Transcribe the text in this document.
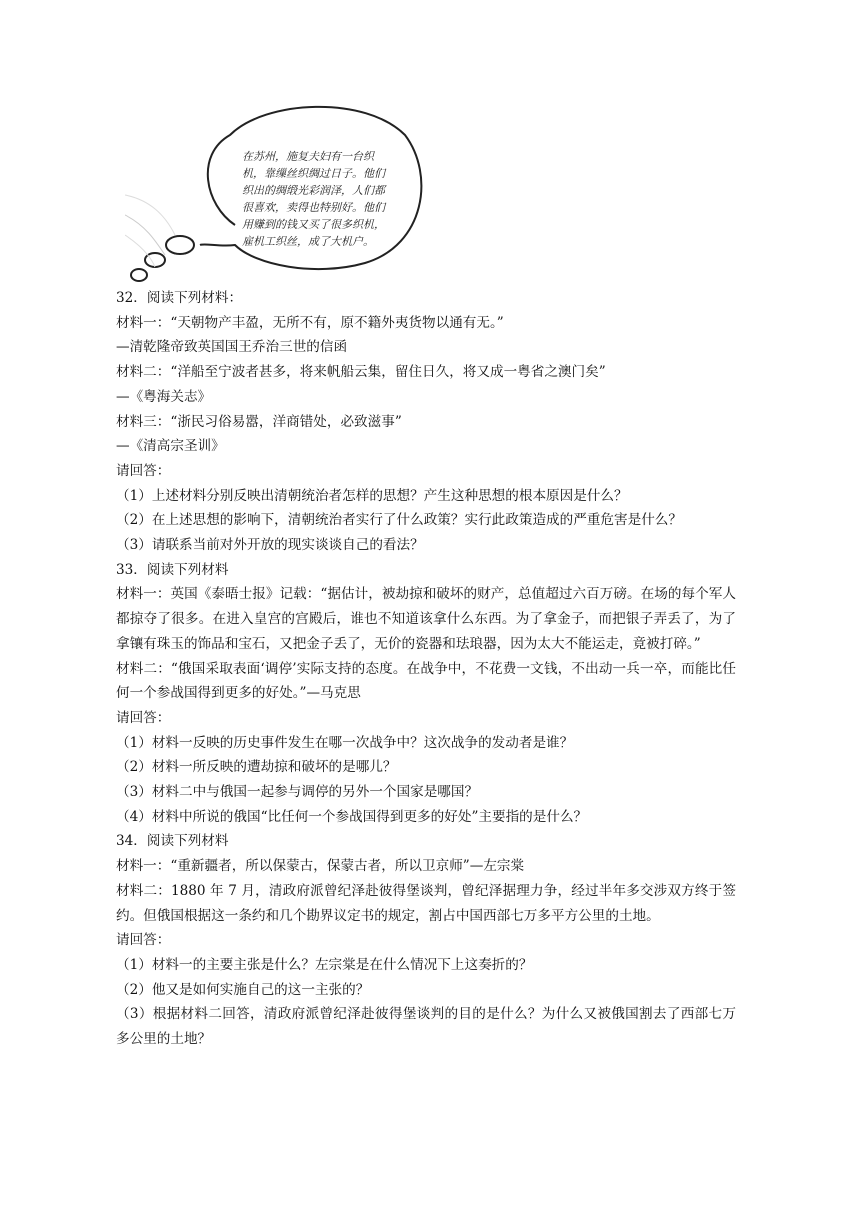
在苏州，施复夫妇有一台织
机，靠缫丝织绸过日子。他们
织出的绸缎光彩润泽，人们都
很喜欢，卖得也特别好。他们
用赚到的钱又买了很多织机，
雇机工织丝，成了大机户。
32．阅读下列材料：
材料一：“天朝物产丰盈，无所不有，原不籍外夷货物以通有无。”
—清乾隆帝致英国国王乔治三世的信函
材料二：“洋船至宁波者甚多，将来帆船云集，留住日久，将又成一粤省之澳门矣”
—《粤海关志》
材料三：“浙民习俗易嚣，洋商错处，必致滋事”
—《清高宗圣训》
请回答：
（1）上述材料分别反映出清朝统治者怎样的思想？产生这种思想的根本原因是什么？
（2）在上述思想的影响下，清朝统治者实行了什么政策？实行此政策造成的严重危害是什么？
（3）请联系当前对外开放的现实谈谈自己的看法？
33．阅读下列材料
材料一：英国《泰晤士报》记载：“据估计，被劫掠和破坏的财产，总值超过六百万磅。在场的每个军人都掠夺了很多。在进入皇宫的宫殿后，谁也不知道该拿什么东西。为了拿金子，而把银子弄丢了，为了拿镶有珠玉的饰品和宝石，又把金子丢了，无价的瓷器和珐琅器，因为太大不能运走，竟被打碎。”
材料二：“俄国采取表面‘调停’实际支持的态度。在战争中，不花费一文钱，不出动一兵一卒，而能比任何一个参战国得到更多的好处。”—马克思
请回答：
（1）材料一反映的历史事件发生在哪一次战争中？这次战争的发动者是谁？
（2）材料一所反映的遭劫掠和破坏的是哪儿？
（3）材料二中与俄国一起参与调停的另外一个国家是哪国？
（4）材料中所说的俄国“比任何一个参战国得到更多的好处”主要指的是什么？
34．阅读下列材料
材料一：“重新疆者，所以保蒙古，保蒙古者，所以卫京师”—左宗棠
材料二：1880 年 7 月，清政府派曾纪泽赴彼得堡谈判，曾纪泽据理力争，经过半年多交涉双方终于签约。但俄国根据这一条约和几个勘界议定书的规定，割占中国西部七万多平方公里的土地。
请回答：
（1）材料一的主要主张是什么？左宗棠是在什么情况下上这奏折的？
（2）他又是如何实施自己的这一主张的？
（3）根据材料二回答，清政府派曾纪泽赴彼得堡谈判的目的是什么？为什么又被俄国割去了西部七万多公里的土地？
